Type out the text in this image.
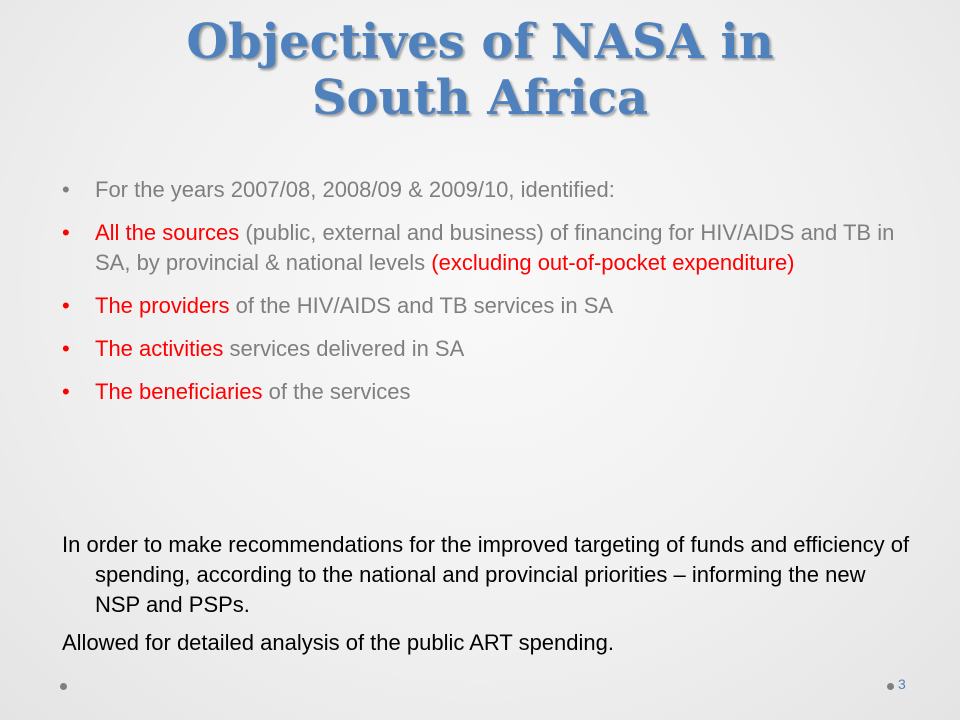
Objectives of NASA in
South Africa
• For the years 2007/08, 2008/09 & 2009/10, identified:
• All the sources (public, external and business) of financing for HIV/AIDS and TB in SA, by provincial & national levels (excluding out-of-pocket expenditure)
• The providers of the HIV/AIDS and TB services in SA
• The activities services delivered in SA
• The beneficiaries of the services

In order to make recommendations for the improved targeting of funds and efficiency of spending, according to the national and provincial priorities – informing the new NSP and PSPs.

Allowed for detailed analysis of the public ART spending.

3
